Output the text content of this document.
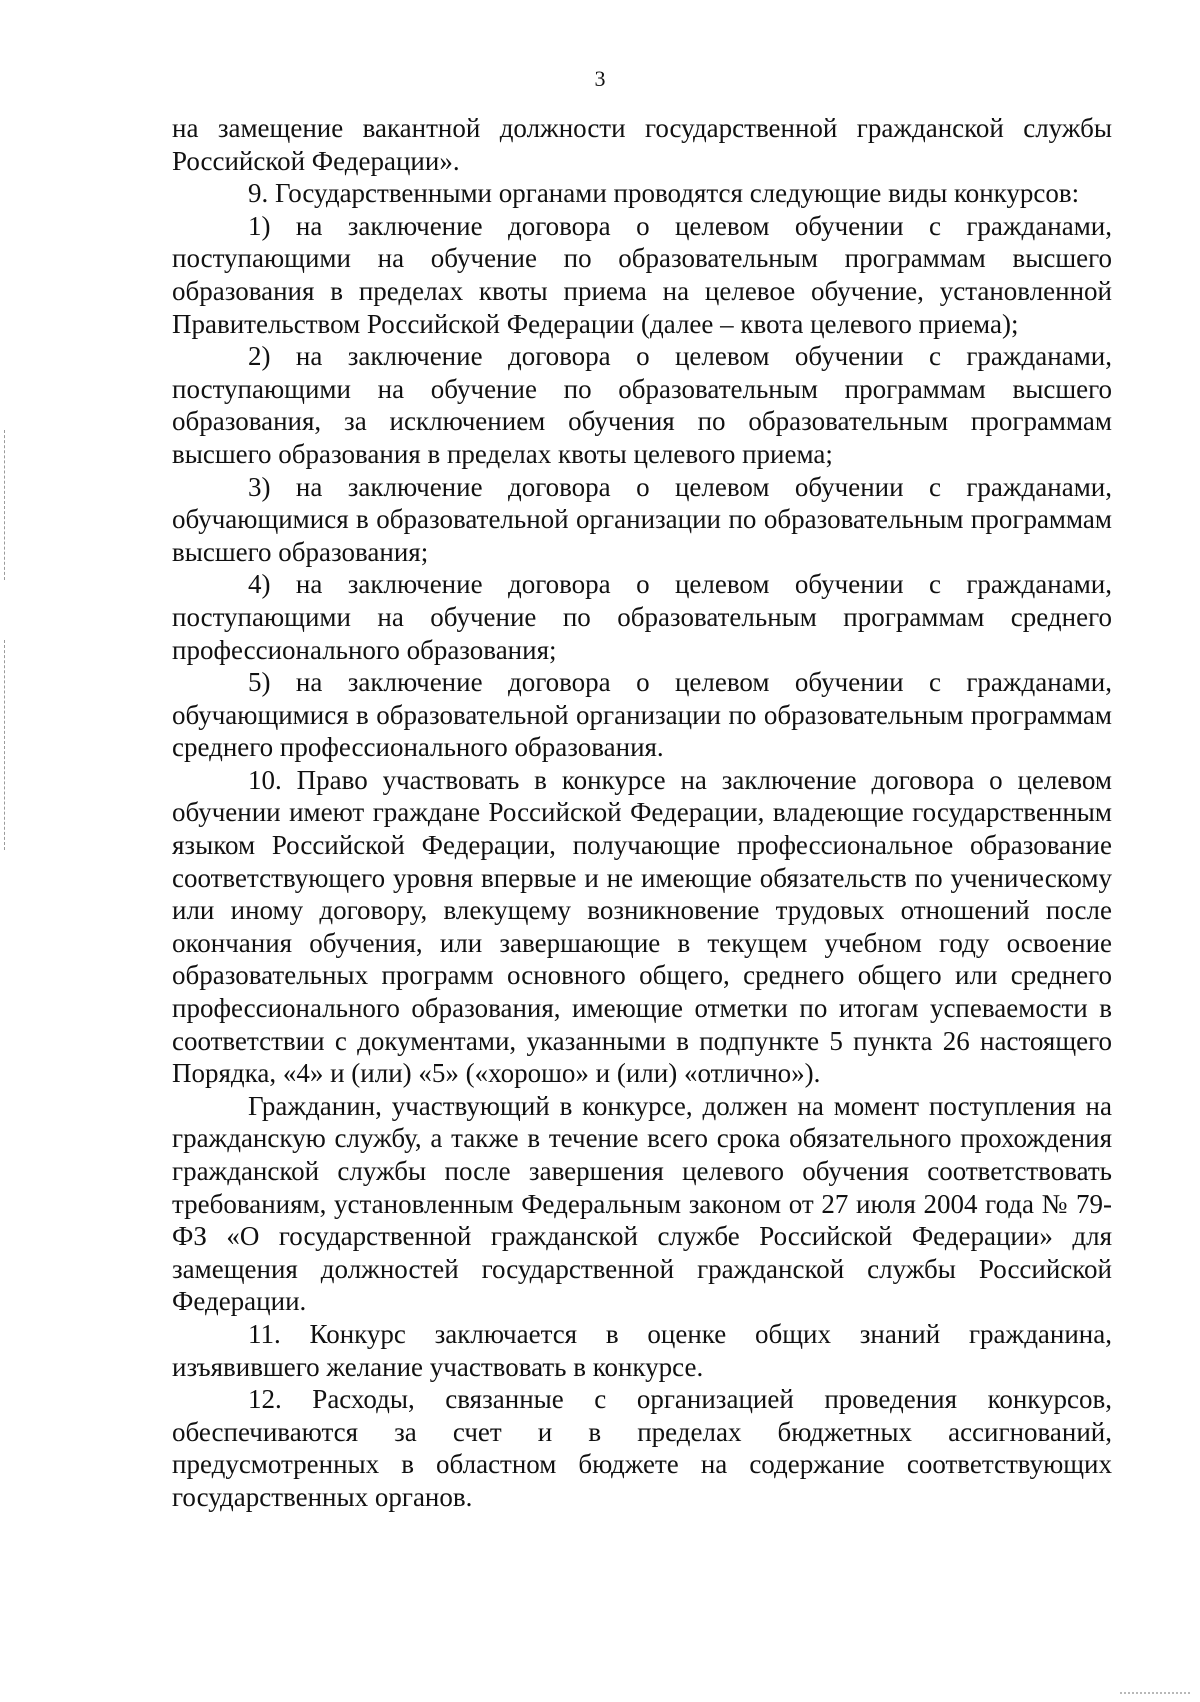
3

на замещение вакантной должности государственной гражданской службы Российской Федерации».

9. Государственными органами проводятся следующие виды конкурсов:

1) на заключение договора о целевом обучении с гражданами, поступающими на обучение по образовательным программам высшего образования в пределах квоты приема на целевое обучение, установленной Правительством Российской Федерации (далее – квота целевого приема);

2) на заключение договора о целевом обучении с гражданами, поступающими на обучение по образовательным программам высшего образования, за исключением обучения по образовательным программам высшего образования в пределах квоты целевого приема;

3) на заключение договора о целевом обучении с гражданами, обучающимися в образовательной организации по образовательным программам высшего образования;

4) на заключение договора о целевом обучении с гражданами, поступающими на обучение по образовательным программам среднего профессионального образования;

5) на заключение договора о целевом обучении с гражданами, обучающимися в образовательной организации по образовательным программам среднего профессионального образования.

10. Право участвовать в конкурсе на заключение договора о целевом обучении имеют граждане Российской Федерации, владеющие государственным языком Российской Федерации, получающие профессиональное образование соответствующего уровня впервые и не имеющие обязательств по ученическому или иному договору, влекущему возникновение трудовых отношений после окончания обучения, или завершающие в текущем учебном году освоение образовательных программ основного общего, среднего общего или среднего профессионального образования, имеющие отметки по итогам успеваемости в соответствии с документами, указанными в подпункте 5 пункта 26 настоящего Порядка, «4» и (или) «5» («хорошо» и (или) «отлично»).

Гражданин, участвующий в конкурсе, должен на момент поступления на гражданскую службу, а также в течение всего срока обязательного прохождения гражданской службы после завершения целевого обучения соответствовать требованиям, установленным Федеральным законом от 27 июля 2004 года № 79-ФЗ «О государственной гражданской службе Российской Федерации» для замещения должностей государственной гражданской службы Российской Федерации.

11. Конкурс заключается в оценке общих знаний гражданина, изъявившего желание участвовать в конкурсе.

12. Расходы, связанные с организацией проведения конкурсов, обеспечиваются за счет и в пределах бюджетных ассигнований, предусмотренных в областном бюджете на содержание соответствующих государственных органов.
